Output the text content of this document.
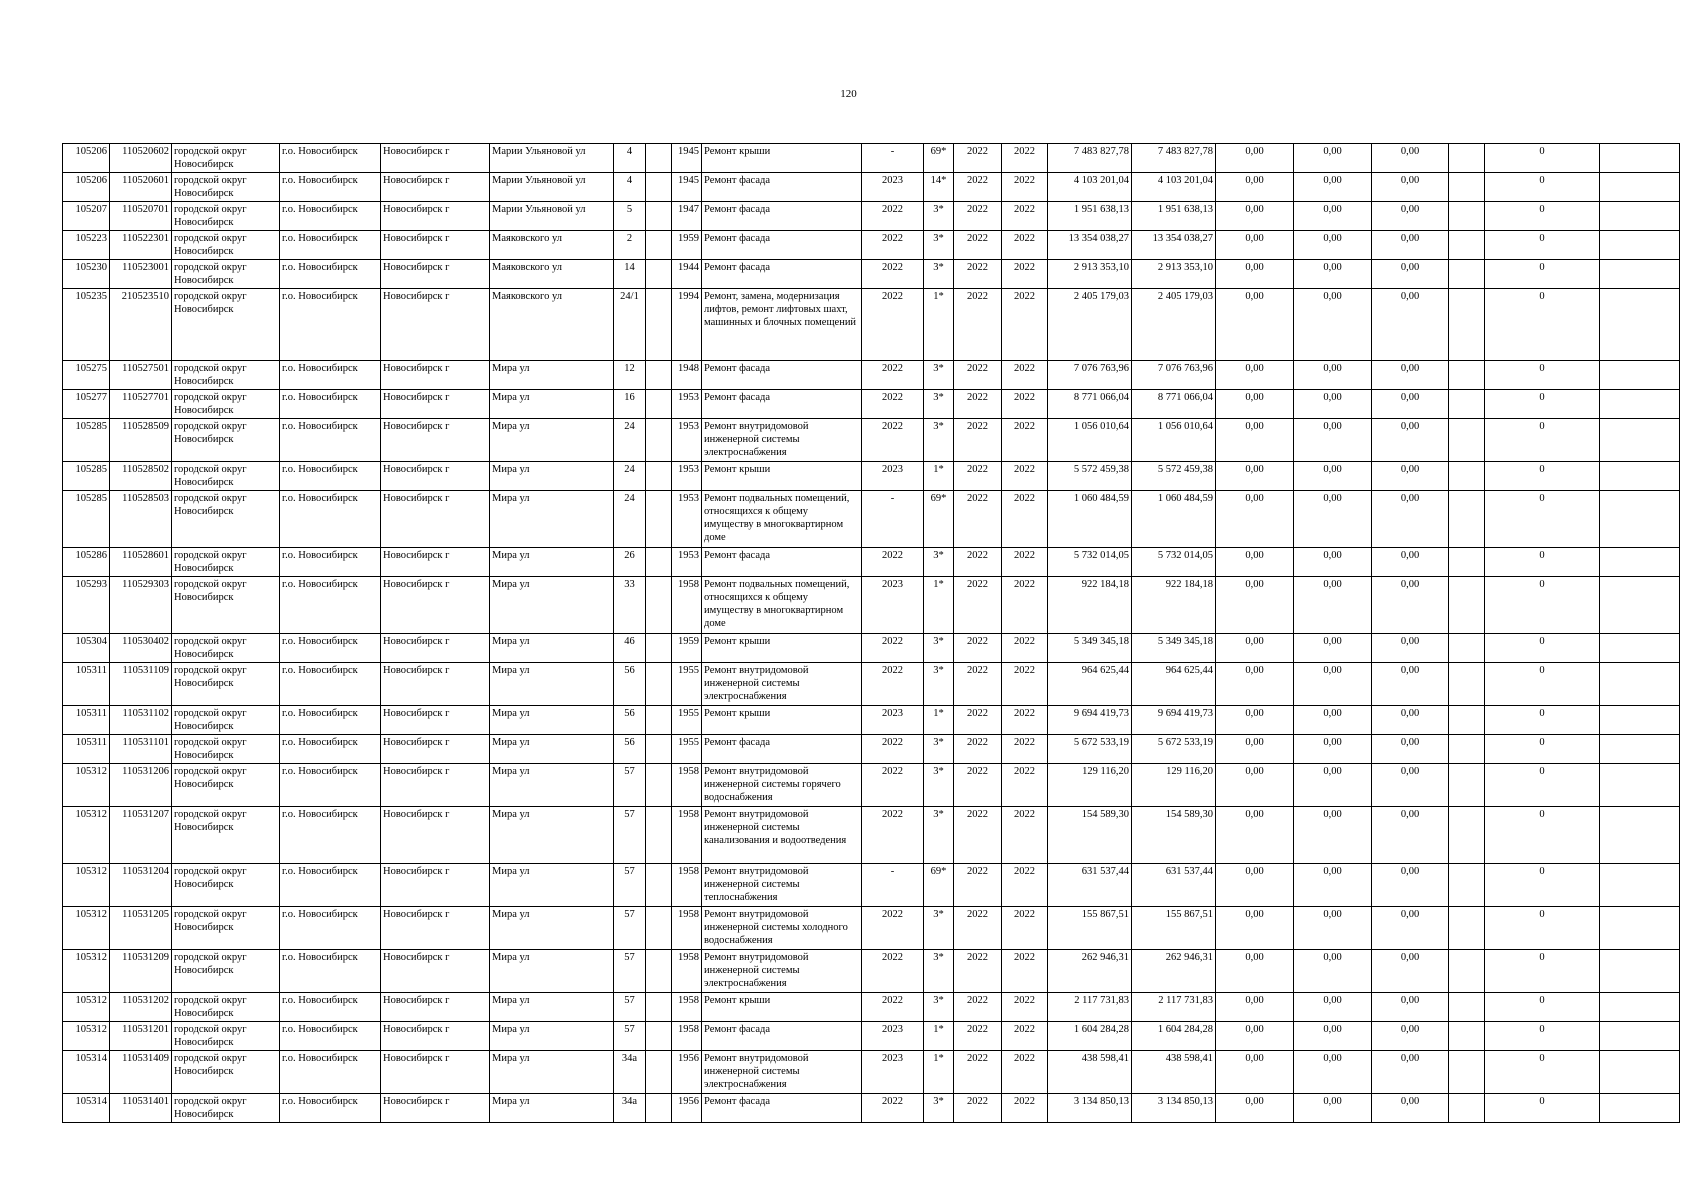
120
105206	110520602	городской округ Новосибирск	г.о. Новосибирск	Новосибирск г	Марии Ульяновой ул	4		1945	Ремонт крыши	-	69*	2022	2022	7 483 827,78	7 483 827,78	0,00	0,00	0,00		0	
105206	110520601	городской округ Новосибирск	г.о. Новосибирск	Новосибирск г	Марии Ульяновой ул	4		1945	Ремонт фасада	2023	14*	2022	2022	4 103 201,04	4 103 201,04	0,00	0,00	0,00		0	
105207	110520701	городской округ Новосибирск	г.о. Новосибирск	Новосибирск г	Марии Ульяновой ул	5		1947	Ремонт фасада	2022	3*	2022	2022	1 951 638,13	1 951 638,13	0,00	0,00	0,00		0	
105223	110522301	городской округ Новосибирск	г.о. Новосибирск	Новосибирск г	Маяковского ул	2		1959	Ремонт фасада	2022	3*	2022	2022	13 354 038,27	13 354 038,27	0,00	0,00	0,00		0	
105230	110523001	городской округ Новосибирск	г.о. Новосибирск	Новосибирск г	Маяковского ул	14		1944	Ремонт фасада	2022	3*	2022	2022	2 913 353,10	2 913 353,10	0,00	0,00	0,00		0	
105235	210523510	городской округ Новосибирск	г.о. Новосибирск	Новосибирск г	Маяковского ул	24/1		1994	Ремонт, замена, модернизация лифтов, ремонт лифтовых шахт, машинных и блочных помещений	2022	1*	2022	2022	2 405 179,03	2 405 179,03	0,00	0,00	0,00		0	
105275	110527501	городской округ Новосибирск	г.о. Новосибирск	Новосибирск г	Мира ул	12		1948	Ремонт фасада	2022	3*	2022	2022	7 076 763,96	7 076 763,96	0,00	0,00	0,00		0	
105277	110527701	городской округ Новосибирск	г.о. Новосибирск	Новосибирск г	Мира ул	16		1953	Ремонт фасада	2022	3*	2022	2022	8 771 066,04	8 771 066,04	0,00	0,00	0,00		0	
105285	110528509	городской округ Новосибирск	г.о. Новосибирск	Новосибирск г	Мира ул	24		1953	Ремонт внутридомовой инженерной системы электроснабжения	2022	3*	2022	2022	1 056 010,64	1 056 010,64	0,00	0,00	0,00		0	
105285	110528502	городской округ Новосибирск	г.о. Новосибирск	Новосибирск г	Мира ул	24		1953	Ремонт крыши	2023	1*	2022	2022	5 572 459,38	5 572 459,38	0,00	0,00	0,00		0	
105285	110528503	городской округ Новосибирск	г.о. Новосибирск	Новосибирск г	Мира ул	24		1953	Ремонт подвальных помещений, относящихся к общему имуществу в многоквартирном доме	-	69*	2022	2022	1 060 484,59	1 060 484,59	0,00	0,00	0,00		0	
105286	110528601	городской округ Новосибирск	г.о. Новосибирск	Новосибирск г	Мира ул	26		1953	Ремонт фасада	2022	3*	2022	2022	5 732 014,05	5 732 014,05	0,00	0,00	0,00		0	
105293	110529303	городской округ Новосибирск	г.о. Новосибирск	Новосибирск г	Мира ул	33		1958	Ремонт подвальных помещений, относящихся к общему имуществу в многоквартирном доме	2023	1*	2022	2022	922 184,18	922 184,18	0,00	0,00	0,00		0	
105304	110530402	городской округ Новосибирск	г.о. Новосибирск	Новосибирск г	Мира ул	46		1959	Ремонт крыши	2022	3*	2022	2022	5 349 345,18	5 349 345,18	0,00	0,00	0,00		0	
105311	110531109	городской округ Новосибирск	г.о. Новосибирск	Новосибирск г	Мира ул	56		1955	Ремонт внутридомовой инженерной системы электроснабжения	2022	3*	2022	2022	964 625,44	964 625,44	0,00	0,00	0,00		0	
105311	110531102	городской округ Новосибирск	г.о. Новосибирск	Новосибирск г	Мира ул	56		1955	Ремонт крыши	2023	1*	2022	2022	9 694 419,73	9 694 419,73	0,00	0,00	0,00		0	
105311	110531101	городской округ Новосибирск	г.о. Новосибирск	Новосибирск г	Мира ул	56		1955	Ремонт фасада	2022	3*	2022	2022	5 672 533,19	5 672 533,19	0,00	0,00	0,00		0	
105312	110531206	городской округ Новосибирск	г.о. Новосибирск	Новосибирск г	Мира ул	57		1958	Ремонт внутридомовой инженерной системы горячего водоснабжения	2022	3*	2022	2022	129 116,20	129 116,20	0,00	0,00	0,00		0	
105312	110531207	городской округ Новосибирск	г.о. Новосибирск	Новосибирск г	Мира ул	57		1958	Ремонт внутридомовой инженерной системы канализования и водоотведения	2022	3*	2022	2022	154 589,30	154 589,30	0,00	0,00	0,00		0	
105312	110531204	городской округ Новосибирск	г.о. Новосибирск	Новосибирск г	Мира ул	57		1958	Ремонт внутридомовой инженерной системы теплоснабжения	-	69*	2022	2022	631 537,44	631 537,44	0,00	0,00	0,00		0	
105312	110531205	городской округ Новосибирск	г.о. Новосибирск	Новосибирск г	Мира ул	57		1958	Ремонт внутридомовой инженерной системы холодного водоснабжения	2022	3*	2022	2022	155 867,51	155 867,51	0,00	0,00	0,00		0	
105312	110531209	городской округ Новосибирск	г.о. Новосибирск	Новосибирск г	Мира ул	57		1958	Ремонт внутридомовой инженерной системы электроснабжения	2022	3*	2022	2022	262 946,31	262 946,31	0,00	0,00	0,00		0	
105312	110531202	городской округ Новосибирск	г.о. Новосибирск	Новосибирск г	Мира ул	57		1958	Ремонт крыши	2022	3*	2022	2022	2 117 731,83	2 117 731,83	0,00	0,00	0,00		0	
105312	110531201	городской округ Новосибирск	г.о. Новосибирск	Новосибирск г	Мира ул	57		1958	Ремонт фасада	2023	1*	2022	2022	1 604 284,28	1 604 284,28	0,00	0,00	0,00		0	
105314	110531409	городской округ Новосибирск	г.о. Новосибирск	Новосибирск г	Мира ул	34а		1956	Ремонт внутридомовой инженерной системы электроснабжения	2023	1*	2022	2022	438 598,41	438 598,41	0,00	0,00	0,00		0	
105314	110531401	городской округ Новосибирск	г.о. Новосибирск	Новосибирск г	Мира ул	34а		1956	Ремонт фасада	2022	3*	2022	2022	3 134 850,13	3 134 850,13	0,00	0,00	0,00		0	
